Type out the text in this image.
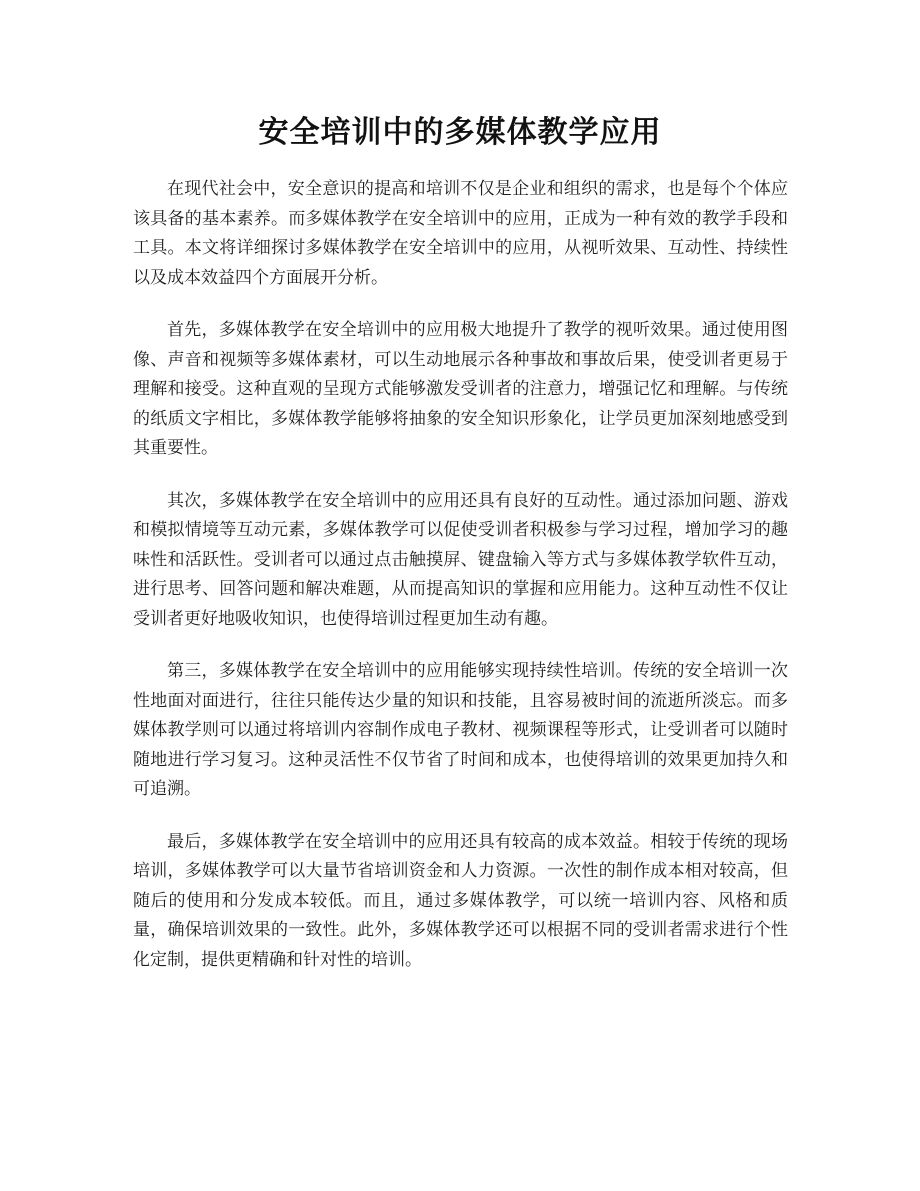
安全培训中的多媒体教学应用

在现代社会中，安全意识的提高和培训不仅是企业和组织的需求，也是每个个体应该具备的基本素养。而多媒体教学在安全培训中的应用，正成为一种有效的教学手段和工具。本文将详细探讨多媒体教学在安全培训中的应用，从视听效果、互动性、持续性以及成本效益四个方面展开分析。

首先，多媒体教学在安全培训中的应用极大地提升了教学的视听效果。通过使用图像、声音和视频等多媒体素材，可以生动地展示各种事故和事故后果，使受训者更易于理解和接受。这种直观的呈现方式能够激发受训者的注意力，增强记忆和理解。与传统的纸质文字相比，多媒体教学能够将抽象的安全知识形象化，让学员更加深刻地感受到其重要性。

其次，多媒体教学在安全培训中的应用还具有良好的互动性。通过添加问题、游戏和模拟情境等互动元素，多媒体教学可以促使受训者积极参与学习过程，增加学习的趣味性和活跃性。受训者可以通过点击触摸屏、键盘输入等方式与多媒体教学软件互动，进行思考、回答问题和解决难题，从而提高知识的掌握和应用能力。这种互动性不仅让受训者更好地吸收知识，也使得培训过程更加生动有趣。

第三，多媒体教学在安全培训中的应用能够实现持续性培训。传统的安全培训一次性地面对面进行，往往只能传达少量的知识和技能，且容易被时间的流逝所淡忘。而多媒体教学则可以通过将培训内容制作成电子教材、视频课程等形式，让受训者可以随时随地进行学习复习。这种灵活性不仅节省了时间和成本，也使得培训的效果更加持久和可追溯。

最后，多媒体教学在安全培训中的应用还具有较高的成本效益。相较于传统的现场培训，多媒体教学可以大量节省培训资金和人力资源。一次性的制作成本相对较高，但随后的使用和分发成本较低。而且，通过多媒体教学，可以统一培训内容、风格和质量，确保培训效果的一致性。此外，多媒体教学还可以根据不同的受训者需求进行个性化定制，提供更精确和针对性的培训。
